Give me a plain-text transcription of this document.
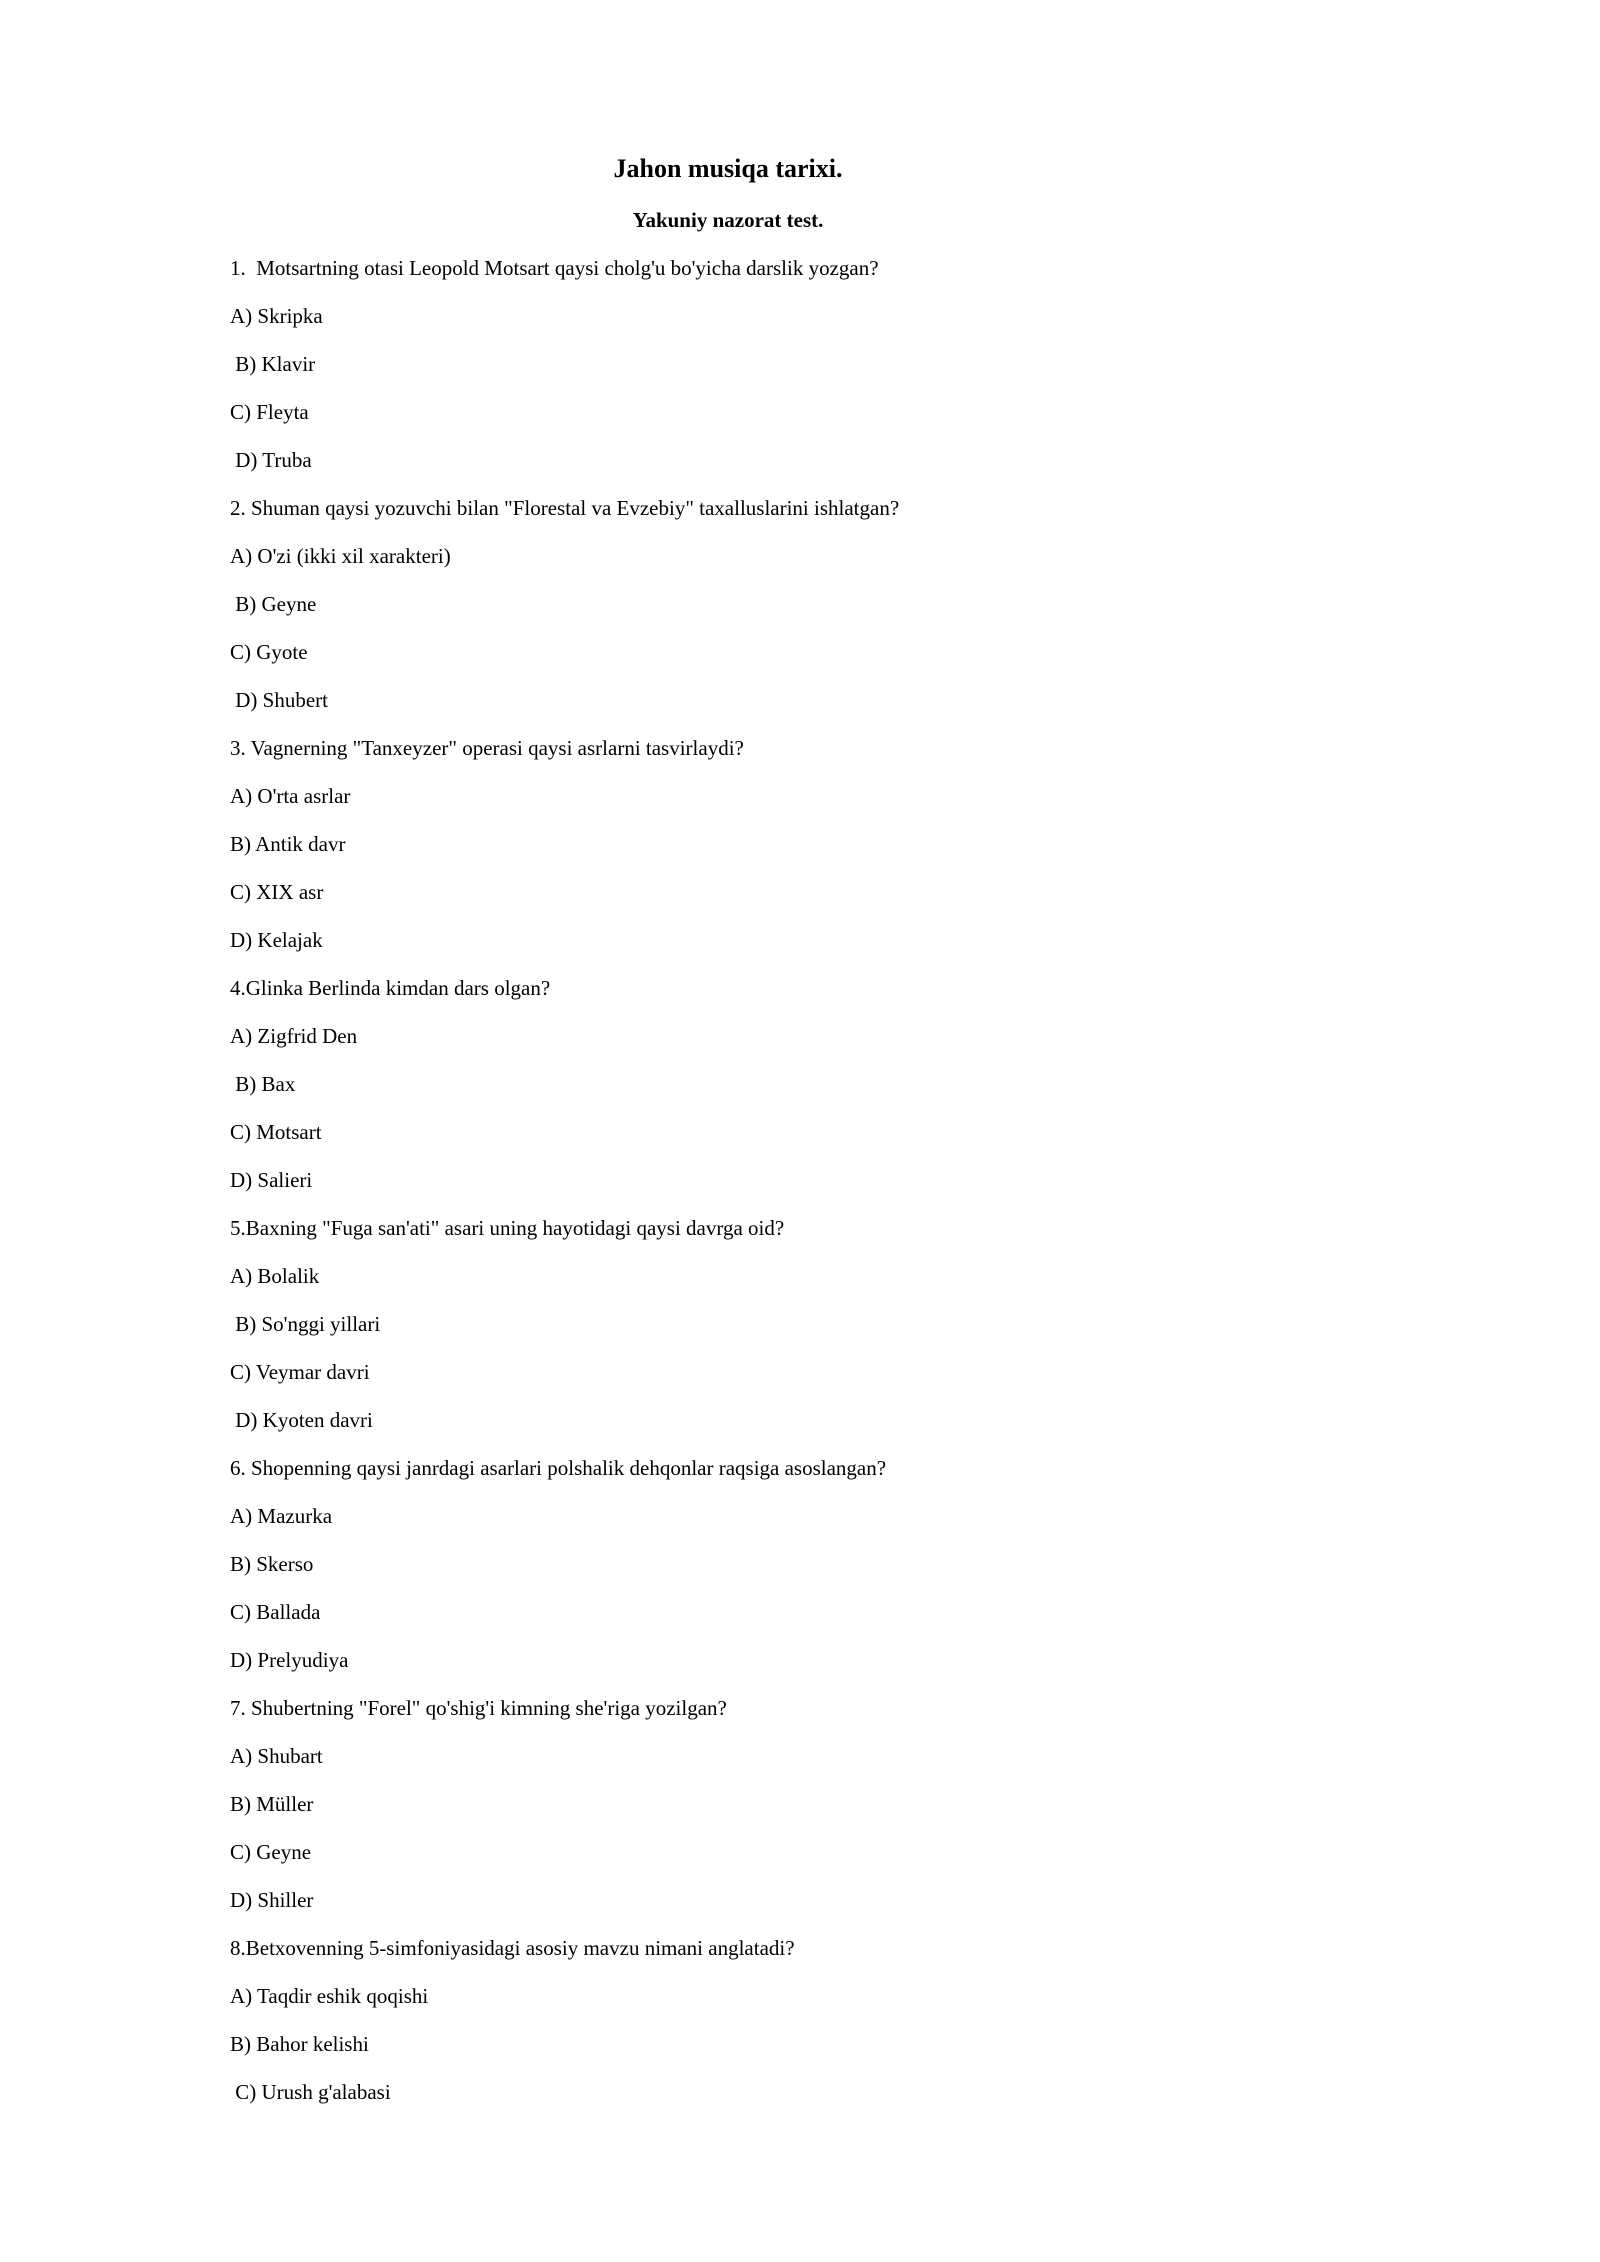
Jahon musiqa tarixi.
Yakuniy nazorat test.

1.  Motsartning otasi Leopold Motsart qaysi cholg'u bo'yicha darslik yozgan?

A) Skripka

B) Klavir

C) Fleyta

D) Truba

2. Shuman qaysi yozuvchi bilan "Florestal va Evzebiy" taxalluslarini ishlatgan?

A) O'zi (ikki xil xarakteri)

B) Geyne

C) Gyote

D) Shubert

3. Vagnerning "Tanxeyzer" operasi qaysi asrlarni tasvirlaydi?

A) O'rta asrlar

B) Antik davr

C) XIX asr

D) Kelajak

4.Glinka Berlinda kimdan dars olgan?

A) Zigfrid Den

B) Bax

C) Motsart

D) Salieri

5.Baxning "Fuga san'ati" asari uning hayotidagi qaysi davrga oid?

A) Bolalik

B) So'nggi yillari

C) Veymar davri

D) Kyoten davri

6. Shopenning qaysi janrdagi asarlari polshalik dehqonlar raqsiga asoslangan?

A) Mazurka

B) Skerso

C) Ballada

D) Prelyudiya

7. Shubertning "Forel" qo'shig'i kimning she'riga yozilgan?

A) Shubart

B) Müller

C) Geyne

D) Shiller

8.Betxovenning 5-simfoniyasidagi asosiy mavzu nimani anglatadi?

A) Taqdir eshik qoqishi

B) Bahor kelishi

C) Urush g'alabasi
